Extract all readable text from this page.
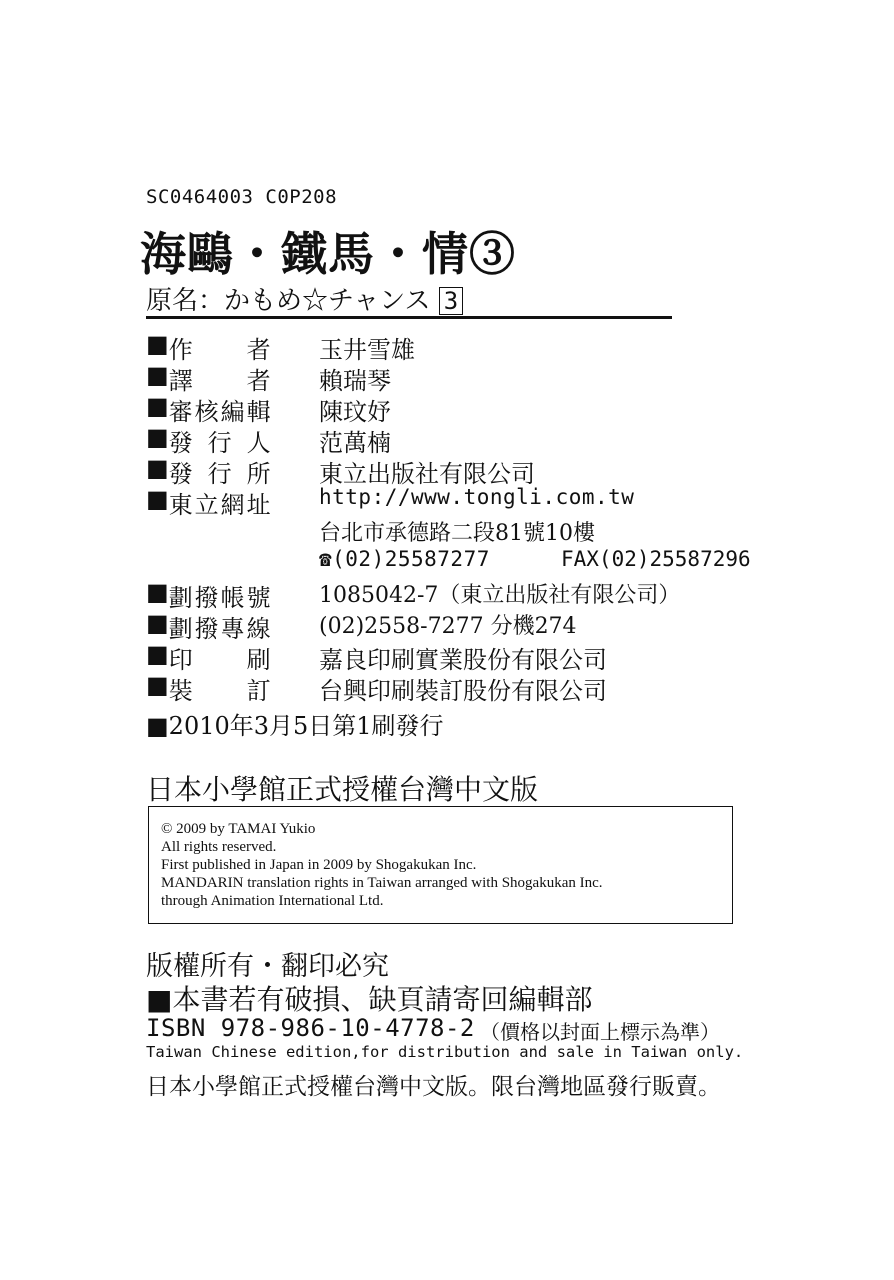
SC0464003 C0P208
海鷗・鐵馬・情③
原名：かもめ☆チャンス 3
■作　者 玉井雪雄
■譯　者 賴瑞琴
■審核編輯 陳玟妤
■發行人 范萬楠
■發行所 東立出版社有限公司
■東立網址 http://www.tongli.com.tw
台北市承德路二段81號10樓
☎(02)25587277	FAX(02)25587296
■劃撥帳號 1085042-7（東立出版社有限公司）
■劃撥專線 (02)2558-7277 分機274
■印　刷 嘉良印刷實業股份有限公司
■裝　訂 台興印刷裝訂股份有限公司
■2010年3月5日第1刷發行
日本小學館正式授權台灣中文版
© 2009 by TAMAI Yukio
All rights reserved.
First published in Japan in 2009 by Shogakukan Inc.
MANDARIN translation rights in Taiwan arranged with Shogakukan Inc.
through Animation International Ltd.
版權所有・翻印必究
■本書若有破損、缺頁請寄回編輯部
ISBN 978-986-10-4778-2 （價格以封面上標示為準）
Taiwan Chinese edition,for distribution and sale in Taiwan only.
日本小學館正式授權台灣中文版。限台灣地區發行販賣。
